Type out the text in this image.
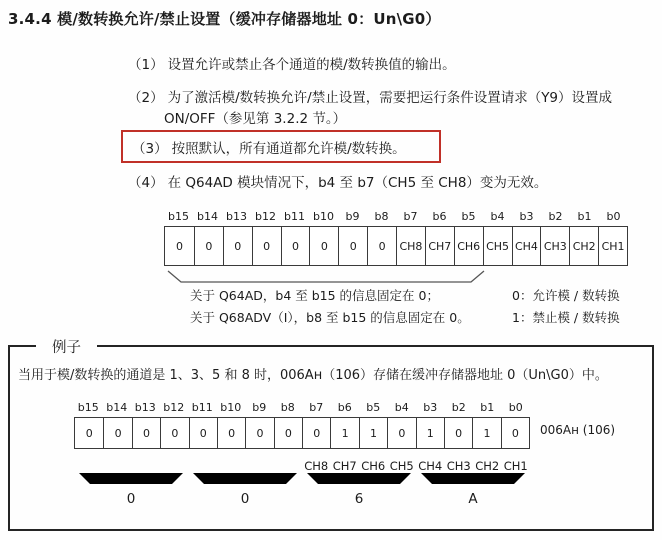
3.4.4 模/数转换允许/禁止设置（缓冲存储器地址 0：Un\G0）
（1） 设置允许或禁止各个通道的模/数转换值的输出。
（2） 为了激活模/数转换允许/禁止设置，需要把运行条件设置请求（Y9）设置成
ON/OFF（参见第 3.2.2 节。）
（3） 按照默认，所有通道都允许模/数转换。
（4） 在 Q64AD 模块情况下，b4 至 b7（CH5 至 CH8）变为无效。
b15 b14 b13 b12 b11 b10	b9	b8	b7	b6	b5	b4	b3	b2	b1	b0
0	0	0	0	0	0	0	0	CH8 CH7 CH6 CH5 CH4 CH3 CH2 CH1
关于 Q64AD，b4 至 b15 的信息固定在 0；
关于 Q68ADV（I），b8 至 b15 的信息固定在 0。
0：允许模 / 数转换
1：禁止模 / 数转换
例子
当用于模/数转换的通道是 1、3、5 和 8 时，006Aʜ（106）存储在缓冲存储器地址 0（Un\G0）中。
b15 b14 b13 b12 b11 b10	b9	b8	b7	b6	b5	b4	b3	b2	b1	b0
0	0	0	0	0	0	0	0	0	1	1	0	1	0	1	0	006Aʜ (106)
CH8 CH7 CH6 CH5 CH4 CH3 CH2 CH1
0	0	6	A
